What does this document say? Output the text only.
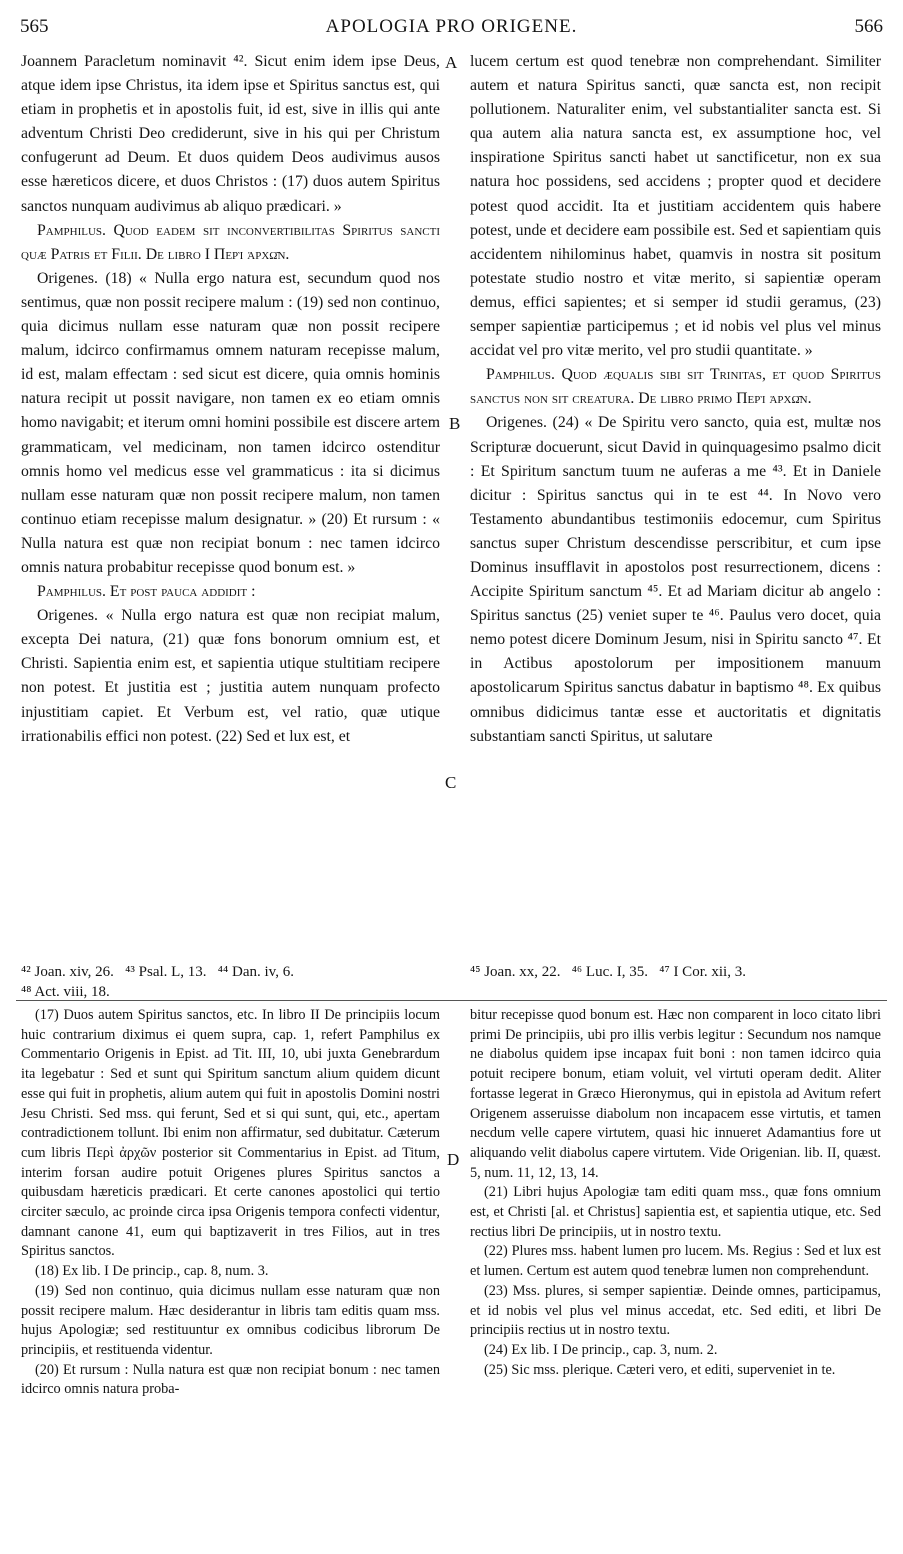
565	APOLOGIA PRO ORIGENE.	566
A
B
C
D

Joannem Paracletum nominavit ⁴². Sicut enim idem ipse Deus, atque idem ipse Christus, ita idem ipse et Spiritus sanctus est, qui etiam in prophetis et in apostolis fuit, id est, sive in illis qui ante adventum Christi Deo crediderunt, sive in his qui per Christum confugerunt ad Deum. Et duos quidem Deos audivimus ausos esse hæreticos dicere, et duos Christos : (17) duos autem Spiritus sanctos nunquam audivimus ab aliquo prædicari. »

Pamphilus. Quod eadem sit inconvertibilitas Spiritus sancti quæ Patris et Filii. De libro I Περὶ ἀρχῶν.

Origenes. (18) « Nulla ergo natura est, secundum quod nos sentimus, quæ non possit recipere malum : (19) sed non continuo, quia dicimus nullam esse naturam quæ non possit recipere malum, idcirco confirmamus omnem naturam recepisse malum, id est, malam effectam : sed sicut est dicere, quia omnis hominis natura recipit ut possit navigare, non tamen ex eo etiam omnis homo navigabit; et iterum omni homini possibile est discere artem grammaticam, vel medicinam, non tamen idcirco ostenditur omnis homo vel medicus esse vel grammaticus : ita si dicimus nullam esse naturam quæ non possit recipere malum, non tamen continuo etiam recepisse malum designatur. » (20) Et rursum : « Nulla natura est quæ non recipiat bonum : nec tamen idcirco omnis natura probabitur recepisse quod bonum est. »

Pamphilus. Et post pauca addidit :

Origenes. « Nulla ergo natura est quæ non recipiat malum, excepta Dei natura, (21) quæ fons bonorum omnium est, et Christi. Sapientia enim est, et sapientia utique stultitiam recipere non potest. Et justitia est ; justitia autem nunquam profecto injustitiam capiet. Et Verbum est, vel ratio, quæ utique irrationabilis effici non potest. (22) Sed et lux est, et

lucem certum est quod tenebræ non comprehendant. Similiter autem et natura Spiritus sancti, quæ sancta est, non recipit pollutionem. Naturaliter enim, vel substantialiter sancta est. Si qua autem alia natura sancta est, ex assumptione hoc, vel inspiratione Spiritus sancti habet ut sanctificetur, non ex sua natura hoc possidens, sed accidens ; propter quod et decidere potest quod accidit. Ita et justitiam accidentem quis habere potest, unde et decidere eam possibile est. Sed et sapientiam quis accidentem nihilominus habet, quamvis in nostra sit positum potestate studio nostro et vitæ merito, si sapientiæ operam demus, effici sapientes; et si semper id studii geramus, (23) semper sapientiæ participemus ; et id nobis vel plus vel minus accidat vel pro vitæ merito, vel pro studii quantitate. »

Pamphilus. Quod æqualis sibi sit Trinitas, et quod Spiritus sanctus non sit creatura. De libro primo Περὶ ἀρχῶν.

Origenes. (24) « De Spiritu vero sancto, quia est, multæ nos Scripturæ docuerunt, sicut David in quinquagesimo psalmo dicit : Et Spiritum sanctum tuum ne auferas a me ⁴³. Et in Daniele dicitur : Spiritus sanctus qui in te est ⁴⁴. In Novo vero Testamento abundantibus testimoniis edocemur, cum Spiritus sanctus super Christum descendisse perscribitur, et cum ipse Dominus insufflavit in apostolos post resurrectionem, dicens : Accipite Spiritum sanctum ⁴⁵. Et ad Mariam dicitur ab angelo : Spiritus sanctus (25) veniet super te ⁴⁶. Paulus vero docet, quia nemo potest dicere Dominum Jesum, nisi in Spiritu sancto ⁴⁷. Et in Actibus apostolorum per impositionem manuum apostolicarum Spiritus sanctus dabatur in baptismo ⁴⁸. Ex quibus omnibus didicimus tantæ esse et auctoritatis et dignitatis substantiam sancti Spiritus, ut salutare

⁴² Joan. xiv, 26.   ⁴³ Psal. L, 13.   ⁴⁴ Dan. iv, 6.
⁴⁸ Act. viii, 18.
⁴⁵ Joan. xx, 22.   ⁴⁶ Luc. I, 35.   ⁴⁷ I Cor. xii, 3.

(17) Duos autem Spiritus sanctos, etc. In libro II De principiis locum huic contrarium diximus ei quem supra, cap. 1, refert Pamphilus ex Commentario Origenis in Epist. ad Tit. III, 10, ubi juxta Genebrardum ita legebatur : Sed et sunt qui Spiritum sanctum alium quidem dicunt esse qui fuit in prophetis, alium autem qui fuit in apostolis Domini nostri Jesu Christi. Sed mss. qui ferunt, Sed et si qui sunt, qui, etc., apertam contradictionem tollunt. Ibi enim non affirmatur, sed dubitatur. Cæterum cum libris Περὶ ἀρχῶν posterior sit Commentarius in Epist. ad Titum, interim forsan audire potuit Origenes plures Spiritus sanctos a quibusdam hæreticis prædicari. Et certe canones apostolici qui tertio circiter sæculo, ac proinde circa ipsa Origenis tempora confecti videntur, damnant canone 41, eum qui baptizaverit in tres Filios, aut in tres Spiritus sanctos.

(18) Ex lib. I De princip., cap. 8, num. 3.

(19) Sed non continuo, quia dicimus nullam esse naturam quæ non possit recipere malum. Hæc desiderantur in libris tam editis quam mss. hujus Apologiæ; sed restituuntur ex omnibus codicibus librorum De principiis, et restituenda videntur.

(20) Et rursum : Nulla natura est quæ non recipiat bonum : nec tamen idcirco omnis natura proba-

bitur recepisse quod bonum est. Hæc non comparent in loco citato libri primi De principiis, ubi pro illis verbis legitur : Secundum nos namque ne diabolus quidem ipse incapax fuit boni : non tamen idcirco quia potuit recipere bonum, etiam voluit, vel virtuti operam dedit. Aliter fortasse legerat in Græco Hieronymus, qui in epistola ad Avitum refert Origenem asseruisse diabolum non incapacem esse virtutis, et tamen necdum velle capere virtutem, quasi hic innueret Adamantius fore ut aliquando velit diabolus capere virtutem. Vide Origenian. lib. II, quæst. 5, num. 11, 12, 13, 14.

(21) Libri hujus Apologiæ tam editi quam mss., quæ fons omnium est, et Christi [al. et Christus] sapientia est, et sapientia utique, etc. Sed rectius libri De principiis, ut in nostro textu.

(22) Plures mss. habent lumen pro lucem. Ms. Regius : Sed et lux est et lumen. Certum est autem quod tenebræ lumen non comprehendunt.

(23) Mss. plures, si semper sapientiæ. Deinde omnes, participamus, et id nobis vel plus vel minus accedat, etc. Sed editi, et libri De principiis rectius ut in nostro textu.

(24) Ex lib. I De princip., cap. 3, num. 2.

(25) Sic mss. plerique. Cæteri vero, et editi, superveniet in te.
